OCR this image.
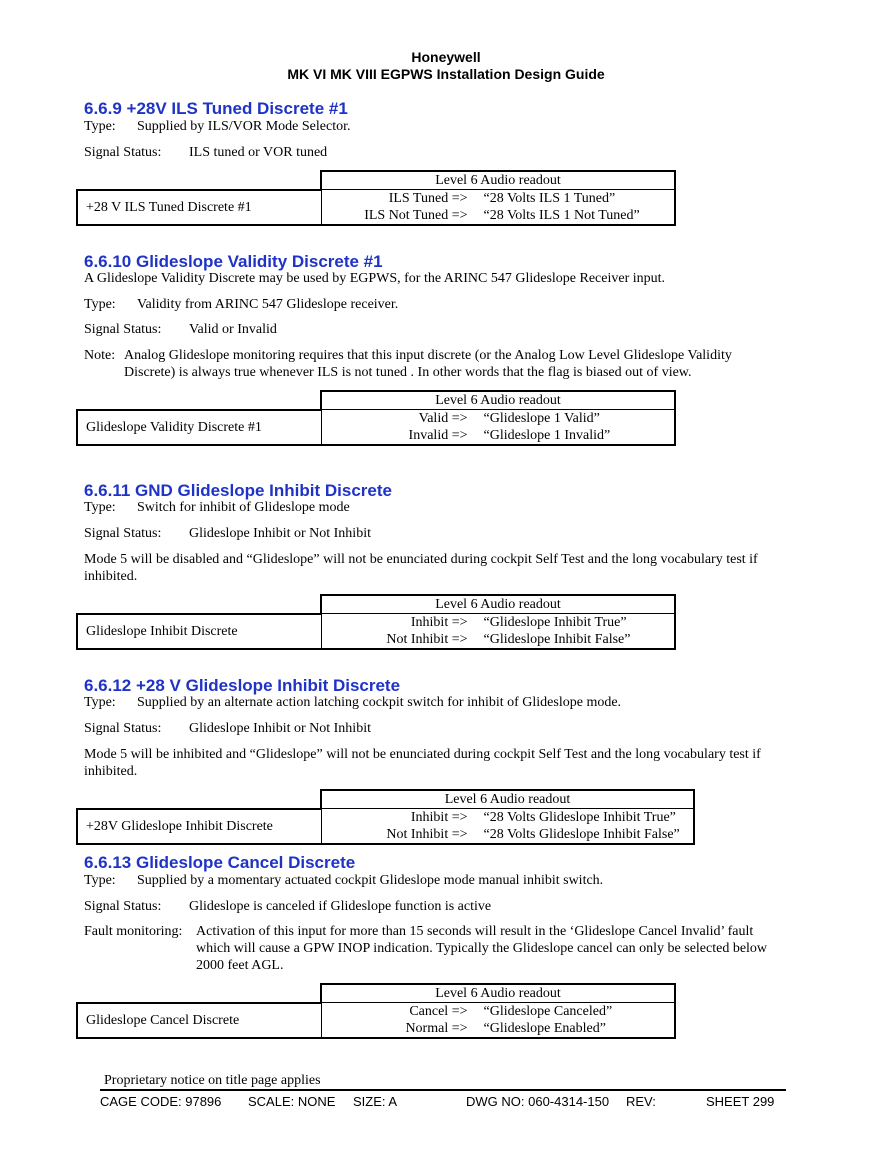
Honeywell
MK VI MK VIII EGPWS Installation Design Guide
6.6.9 +28V ILS Tuned Discrete #1
Type: Supplied by ILS/VOR Mode Selector.
Signal Status: ILS tuned or VOR tuned
	Level 6 Audio readout
+28 V ILS Tuned Discrete #1	ILS Tuned => “28 Volts ILS 1 Tuned”
ILS Not Tuned => “28 Volts ILS 1 Not Tuned”
6.6.10 Glideslope Validity Discrete #1
A Glideslope Validity Discrete may be used by EGPWS, for the ARINC 547 Glideslope Receiver input.
Type: Validity from ARINC 547 Glideslope receiver.
Signal Status: Valid or Invalid
Note: Analog Glideslope monitoring requires that this input discrete (or the Analog Low Level Glideslope Validity
Discrete) is always true whenever ILS is not tuned . In other words that the flag is biased out of view.
	Level 6 Audio readout
Glideslope Validity Discrete #1	Valid => “Glideslope 1 Valid”
Invalid => “Glideslope 1 Invalid”
6.6.11 GND Glideslope Inhibit Discrete
Type: Switch for inhibit of Glideslope mode
Signal Status: Glideslope Inhibit or Not Inhibit
Mode 5 will be disabled and “Glideslope” will not be enunciated during cockpit Self Test and the long vocabulary test if inhibited.
	Level 6 Audio readout
Glideslope Inhibit Discrete	Inhibit => “Glideslope Inhibit True”
Not Inhibit => “Glideslope Inhibit False”
6.6.12 +28 V Glideslope Inhibit Discrete
Type: Supplied by an alternate action latching cockpit switch for inhibit of Glideslope mode.
Signal Status: Glideslope Inhibit or Not Inhibit
Mode 5 will be inhibited and “Glideslope” will not be enunciated during cockpit Self Test and the long vocabulary test if inhibited.
	Level 6 Audio readout
+28V Glideslope Inhibit Discrete	Inhibit => “28 Volts Glideslope Inhibit True”
Not Inhibit => “28 Volts Glideslope Inhibit False”
6.6.13 Glideslope Cancel Discrete
Type: Supplied by a momentary actuated cockpit Glideslope mode manual inhibit switch.
Signal Status: Glideslope is canceled if Glideslope function is active
Fault monitoring: Activation of this input for more than 15 seconds will result in the ‘Glideslope Cancel Invalid’ fault
which will cause a GPW INOP indication. Typically the Glideslope cancel can only be selected below
2000 feet AGL.
	Level 6 Audio readout
Glideslope Cancel Discrete	Cancel => “Glideslope Canceled”
Normal => “Glideslope Enabled”
Proprietary notice on title page applies
CAGE CODE: 97896 SCALE: NONE SIZE: A	DWG NO: 060-4314-150 REV:	SHEET 299
